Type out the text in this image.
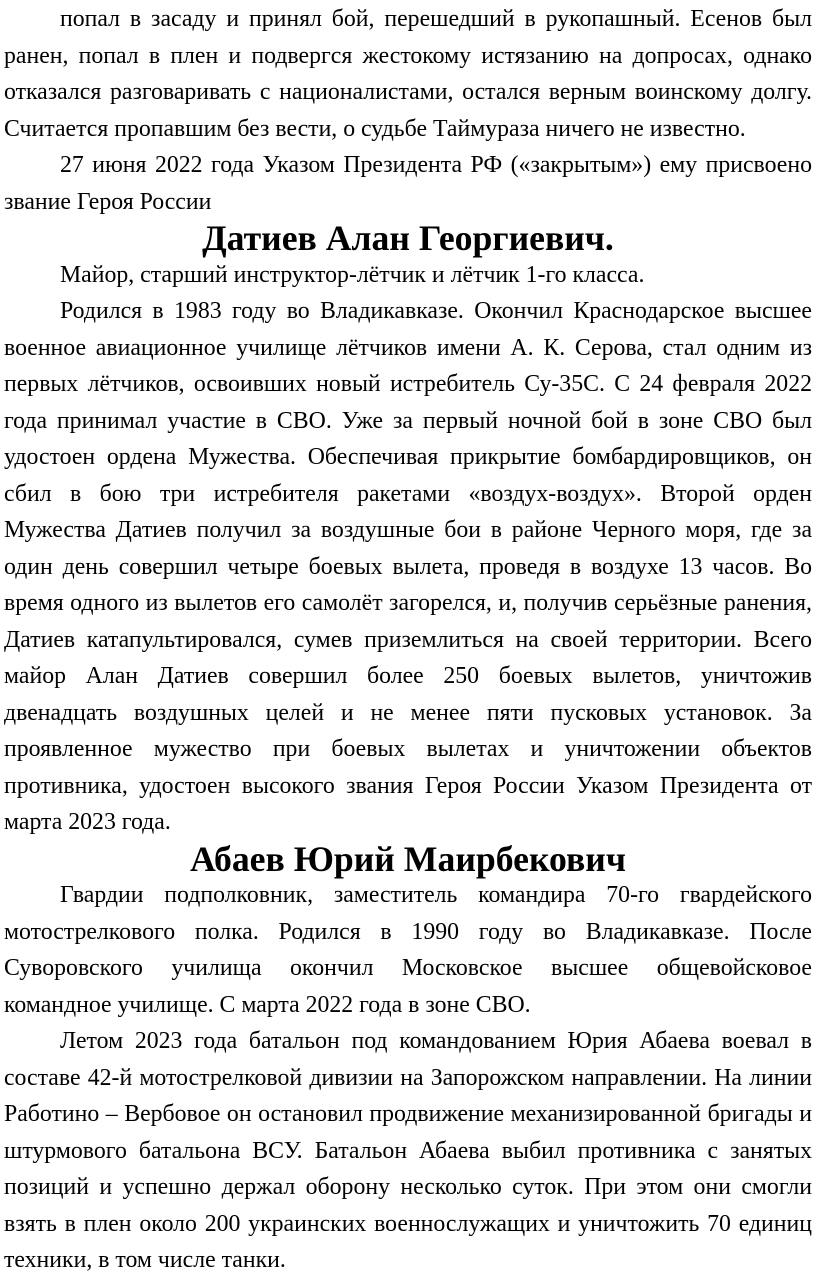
попал в засаду и принял бой, перешедший в рукопашный. Есенов был ранен, попал в плен и подвергся жестокому истязанию на допросах, однако отказался разговаривать с националистами, остался верным воинскому долгу. Считается пропавшим без вести, о судьбе Таймураза ничего не известно.

27 июня 2022 года Указом Президента РФ («закрытым») ему присвоено звание Героя России

Датиев Алан Георгиевич.

Майор, старший инструктор-лётчик и лётчик 1-го класса.

Родился в 1983 году во Владикавказе. Окончил Краснодарское высшее военное авиационное училище лётчиков имени А. К. Серова, стал одним из первых лётчиков, освоивших новый истребитель Су-35С. С 24 февраля 2022 года принимал участие в СВО. Уже за первый ночной бой в зоне СВО был удостоен ордена Мужества. Обеспечивая прикрытие бомбардировщиков, он сбил в бою три истребителя ракетами «воздух-воздух». Второй орден Мужества Датиев получил за воздушные бои в районе Черного моря, где за один день совершил четыре боевых вылета, проведя в воздухе 13 часов. Во время одного из вылетов его самолёт загорелся, и, получив серьёзные ранения, Датиев катапультировался, сумев приземлиться на своей территории. Всего майор Алан Датиев совершил более 250 боевых вылетов, уничтожив двенадцать воздушных целей и не менее пяти пусковых установок. За проявленное мужество при боевых вылетах и уничтожении объектов противника, удостоен высокого звания Героя России Указом Президента от марта 2023 года.

Абаев Юрий Маирбекович

Гвардии подполковник, заместитель командира 70-го гвардейского мотострелкового полка. Родился в 1990 году во Владикавказе. После Суворовского училища окончил Московское высшее общевойсковое командное училище. С марта 2022 года в зоне СВО.

Летом 2023 года батальон под командованием Юрия Абаева воевал в составе 42-й мотострелковой дивизии на Запорожском направлении. На линии Работино – Вербовое он остановил продвижение механизированной бригады и штурмового батальона ВСУ. Батальон Абаева выбил противника с занятых позиций и успешно держал оборону несколько суток. При этом они смогли взять в плен около 200 украинских военнослужащих и уничтожить 70 единиц техники, в том числе танки.
